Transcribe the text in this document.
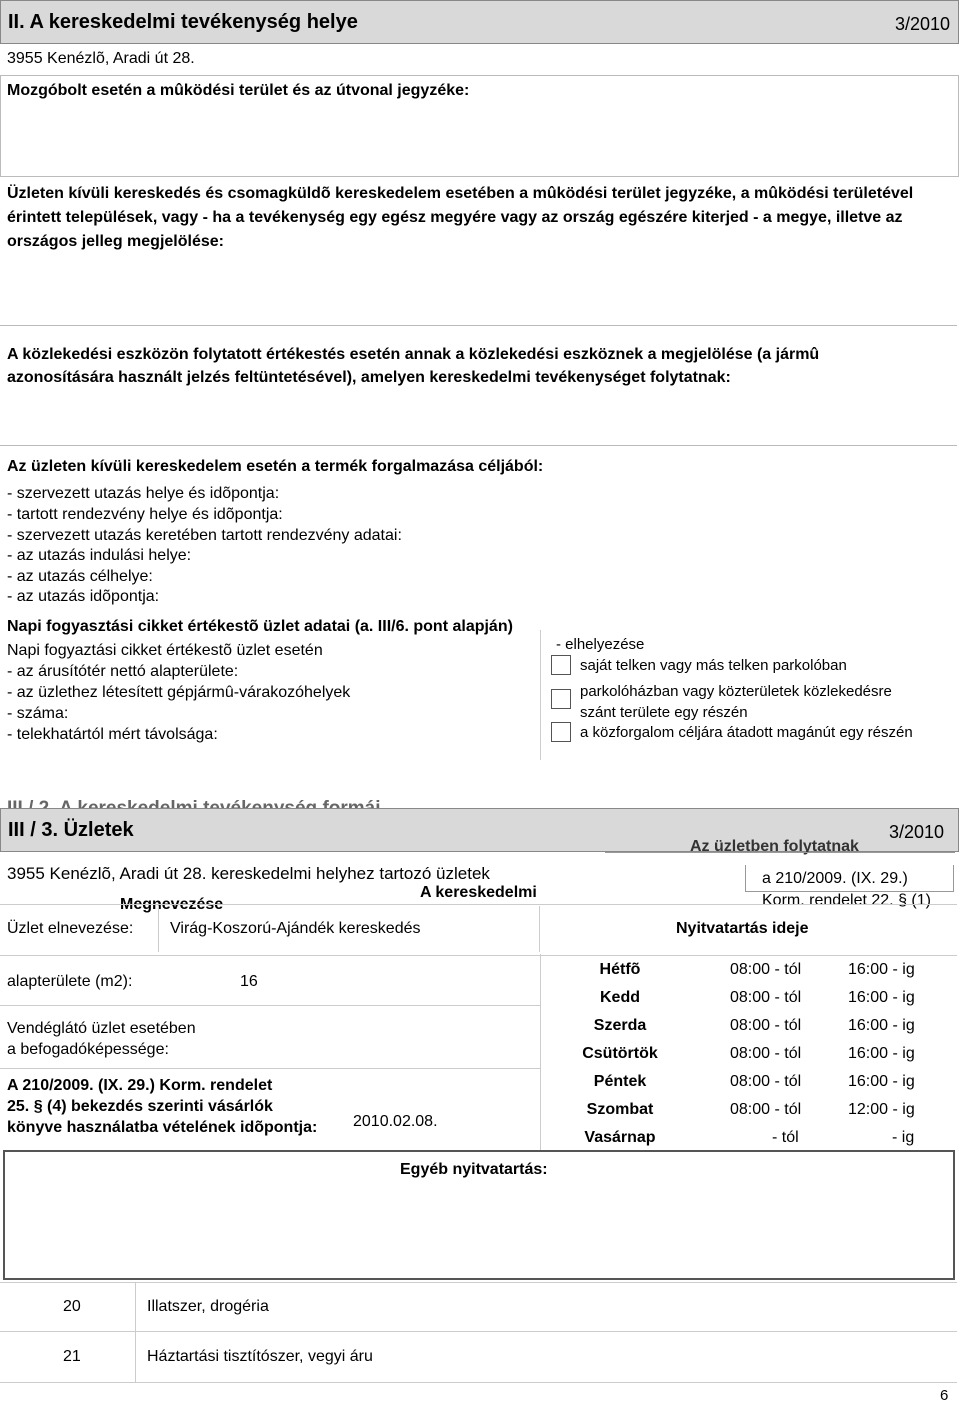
II. A kereskedelmi tevékenység helye	3/2010
3955 Kenézlõ, Aradi út 28.
Mozgóbolt esetén a mûködési terület és az útvonal jegyzéke:
Üzleten kívüli kereskedés és csomagküldõ kereskedelem esetében a mûködési terület jegyzéke, a mûködési területével érintett települések, vagy - ha a tevékenység egy egész megyére vagy az ország egészére kiterjed - a megye, illetve az országos jelleg megjelölése:
A közlekedési eszközön folytatott értékestés esetén annak a közlekedési eszköznek a megjelölése (a jármû azonosítására használt jelzés feltüntetésével), amelyen kereskedelmi tevékenységet folytatnak:
Az üzleten kívüli kereskedelem esetén a termék forgalmazása céljából:
- szervezett utazás helye és idõpontja:
- tartott rendezvény helye és idõpontja:
- szervezett utazás keretében tartott rendezvény adatai:
- az utazás indulási helye:
- az utazás célhelye:
- az utazás idõpontja:
Napi fogyasztási cikket értékestõ üzlet adatai (a. III/6. pont alapján)
Napi fogyaztási cikket értékestõ üzlet esetén
- az árusítótér nettó alapterülete:
- az üzlethez létesített gépjármû-várakozóhelyek
- száma:
- telekhatártól mért távolsága:
- elhelyezése
saját telken vagy más telken parkolóban
parkolóházban vagy közterületek közlekedésre
szánt területe egy részén
a közforgalom céljára átadott magánút egy részén
III / 3. Üzletek	3/2010
Az üzletben folytatnak
3955 Kenézlõ, Aradi út 28. kereskedelmi helyhez tartozó üzletek
A kereskedelmi
a 210/2009. (IX. 29.)
Korm. rendelet 22. § (1)
Megnevezése
Üzlet elnevezése: Virág-Koszorú-Ajándék kereskedés	Nyitvatartás ideje
alapterülete (m2):	16
Vendéglátó üzlet esetében
a befogadóképessége:
A 210/2009. (IX. 29.) Korm. rendelet
25. § (4) bekezdés szerinti vásárlók
könyve használatba vételének idõpontja: 2010.02.08.
Hétfõ	08:00 - tól	16:00 - ig
Kedd	08:00 - tól	16:00 - ig
Szerda	08:00 - tól	16:00 - ig
Csütörtök	08:00 - tól	16:00 - ig
Péntek	08:00 - tól	16:00 - ig
Szombat	08:00 - tól	12:00 - ig
Vasárnap	- tól	- ig
Egyéb nyitvatartás:
20	Illatszer, drogéria
21	Háztartási tisztítószer, vegyi áru
6
